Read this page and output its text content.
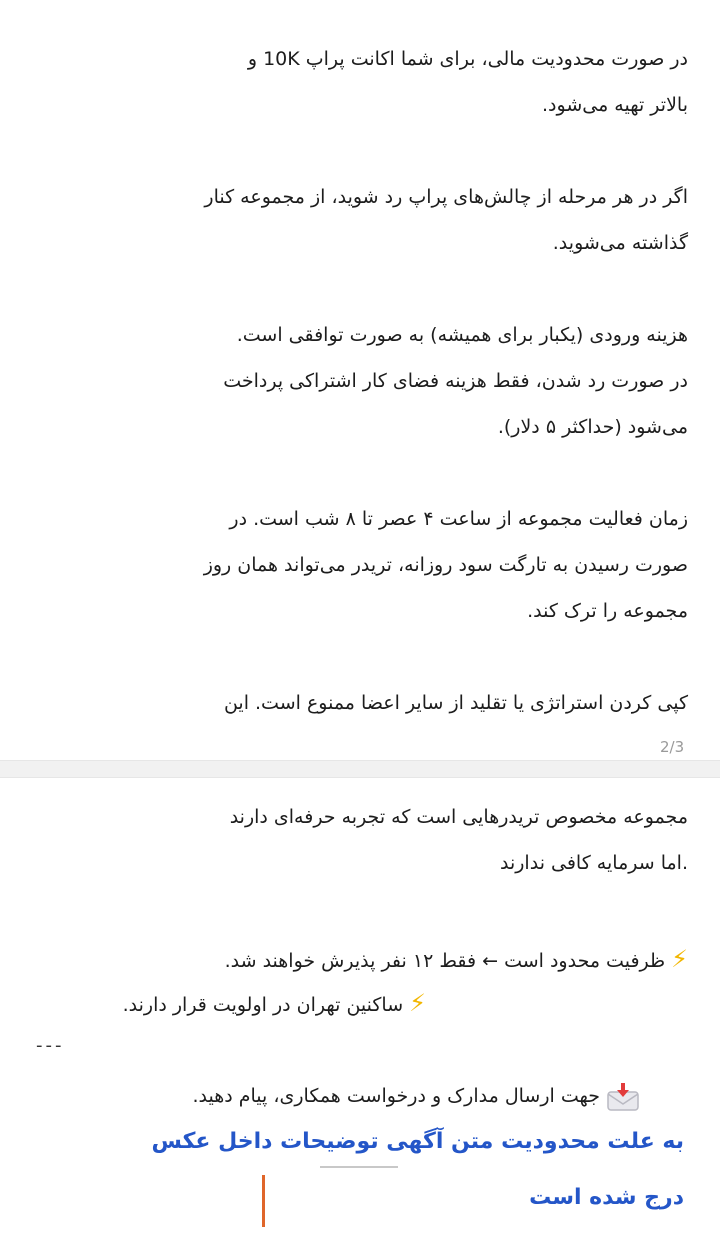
در صورت محدودیت مالی، برای شما اکانت پراپ 10K و
بالاتر تهیه می‌شود.

اگر در هر مرحله از چالش‌های پراپ رد شوید، از مجموعه کنار
گذاشته می‌شوید.

هزینه ورودی (یکبار برای همیشه) به صورت توافقی است.
در صورت رد شدن، فقط هزینه فضای کار اشتراکی پرداخت
می‌شود (حداکثر ۵ دلار).

زمان فعالیت مجموعه از ساعت ۴ عصر تا ۸ شب است. در
صورت رسیدن به تارگت سود روزانه، تریدر می‌تواند همان روز
مجموعه را ترک کند.

کپی کردن استراتژی یا تقلید از سایر اعضا ممنوع است. این

2/3

مجموعه مخصوص تریدرهایی است که تجربه حرفه‌ای دارند
اما سرمایه کافی ندارند.

⚡ظرفیت محدود است ← فقط ۱۲ نفر پذیرش خواهند شد.
⚡ساکنین تهران در اولویت قرار دارند.
---
جهت ارسال مدارک و درخواست همکاری، پیام دهید.
به علت محدودیت متن آگهی توضیحات داخل عکس
درج شده است
